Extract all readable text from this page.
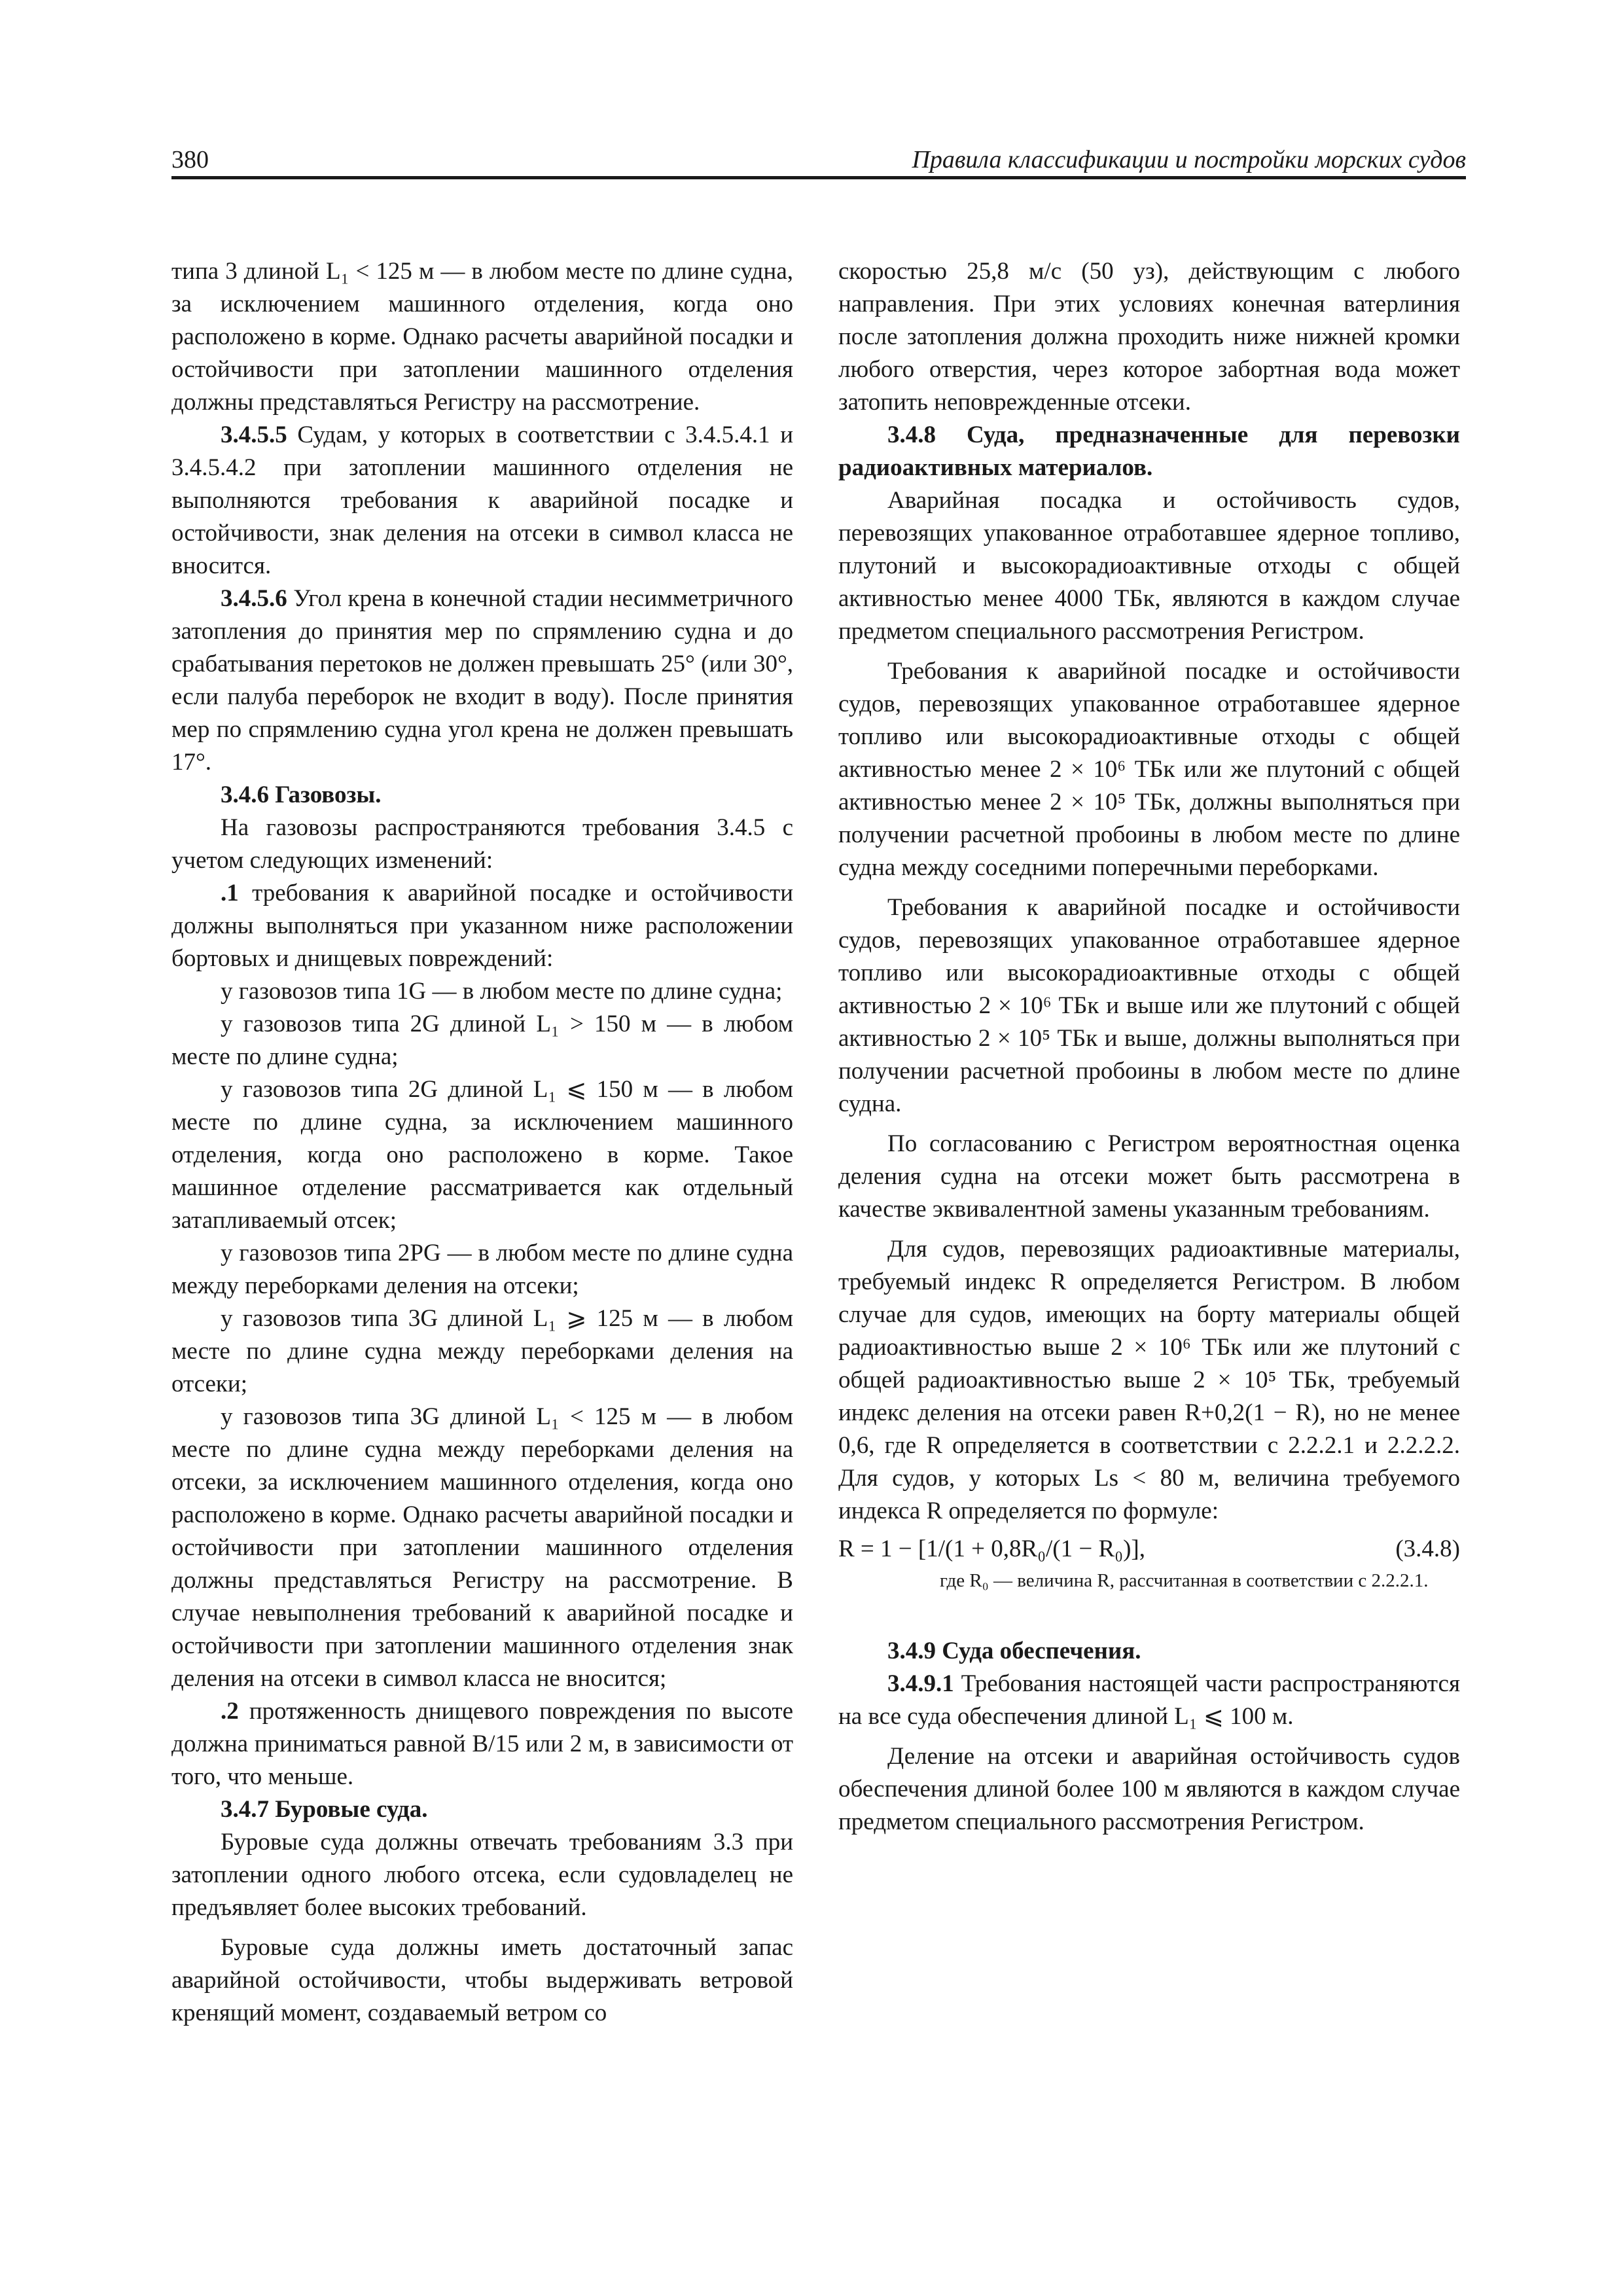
380	Правила классификации и постройки морских судов

типа 3 длиной L₁ < 125 м — в любом месте по длине судна, за исключением машинного отделения, когда оно расположено в корме. Однако расчеты аварийной посадки и остойчивости при затоплении машинного отделения должны представляться Регистру на рассмотрение.

3.4.5.5 Судам, у которых в соответствии с 3.4.5.4.1 и 3.4.5.4.2 при затоплении машинного отделения не выполняются требования к аварийной посадке и остойчивости, знак деления на отсеки в символ класса не вносится.

3.4.5.6 Угол крена в конечной стадии несимметричного затопления до принятия мер по спрямлению судна и до срабатывания перетоков не должен превышать 25° (или 30°, если палуба переборок не входит в воду). После принятия мер по спрямлению судна угол крена не должен превышать 17°.

3.4.6 Газовозы.

На газовозы распространяются требования 3.4.5 с учетом следующих изменений:

.1 требования к аварийной посадке и остойчивости должны выполняться при указанном ниже расположении бортовых и днищевых повреждений:

у газовозов типа 1G — в любом месте по длине судна;

у газовозов типа 2G длиной L₁ > 150 м — в любом месте по длине судна;

у газовозов типа 2G длиной L₁ ⩽ 150 м — в любом месте по длине судна, за исключением машинного отделения, когда оно расположено в корме. Такое машинное отделение рассматривается как отдельный затапливаемый отсек;

у газовозов типа 2PG — в любом месте по длине судна между переборками деления на отсеки;

у газовозов типа 3G длиной L₁ ⩾ 125 м — в любом месте по длине судна между переборками деления на отсеки;

у газовозов типа 3G длиной L₁ < 125 м — в любом месте по длине судна между переборками деления на отсеки, за исключением машинного отделения, когда оно расположено в корме. Однако расчеты аварийной посадки и остойчивости при затоплении машинного отделения должны представляться Регистру на рассмотрение. В случае невыполнения требований к аварийной посадке и остойчивости при затоплении машинного отделения знак деления на отсеки в символ класса не вносится;

.2 протяженность днищевого повреждения по высоте должна приниматься равной B/15 или 2 м, в зависимости от того, что меньше.

3.4.7 Буровые суда.

Буровые суда должны отвечать требованиям 3.3 при затоплении одного любого отсека, если судовладелец не предъявляет более высоких требований.

Буровые суда должны иметь достаточный запас аварийной остойчивости, чтобы выдерживать ветровой кренящий момент, создаваемый ветром со

скоростью 25,8 м/с (50 уз), действующим с любого направления. При этих условиях конечная ватерлиния после затопления должна проходить ниже нижней кромки любого отверстия, через которое забортная вода может затопить неповрежденные отсеки.

3.4.8 Суда, предназначенные для перевозки радиоактивных материалов.

Аварийная посадка и остойчивость судов, перевозящих упакованное отработавшее ядерное топливо, плутоний и высокорадиоактивные отходы с общей активностью менее 4000 ТБк, являются в каждом случае предметом специального рассмотрения Регистром.

Требования к аварийной посадке и остойчивости судов, перевозящих упакованное отработавшее ядерное топливо или высокорадиоактивные отходы с общей активностью менее 2 × 10⁶ ТБк или же плутоний с общей активностью менее 2 × 10⁵ ТБк, должны выполняться при получении расчетной пробоины в любом месте по длине судна между соседними поперечными переборками.

Требования к аварийной посадке и остойчивости судов, перевозящих упакованное отработавшее ядерное топливо или высокорадиоактивные отходы с общей активностью 2 × 10⁶ ТБк и выше или же плутоний с общей активностью 2 × 10⁵ ТБк и выше, должны выполняться при получении расчетной пробоины в любом месте по длине судна.

По согласованию с Регистром вероятностная оценка деления судна на отсеки может быть рассмотрена в качестве эквивалентной замены указанным требованиям.

Для судов, перевозящих радиоактивные материалы, требуемый индекс R определяется Регистром. В любом случае для судов, имеющих на борту материалы общей радиоактивностью выше 2 × 10⁶ ТБк или же плутоний с общей радиоактивностью выше 2 × 10⁵ ТБк, требуемый индекс деления на отсеки равен R+0,2(1 − R), но не менее 0,6, где R определяется в соответствии с 2.2.2.1 и 2.2.2.2. Для судов, у которых Ls < 80 м, величина требуемого индекса R определяется по формуле:

R = 1 − [1/(1 + 0,8R₀/(1 − R₀)],	(3.4.8)

где R₀ — величина R, рассчитанная в соответствии с 2.2.2.1.

3.4.9 Суда обеспечения.

3.4.9.1 Требования настоящей части распространяются на все суда обеспечения длиной L₁ ⩽ 100 м.

Деление на отсеки и аварийная остойчивость судов обеспечения длиной более 100 м являются в каждом случае предметом специального рассмотрения Регистром.
